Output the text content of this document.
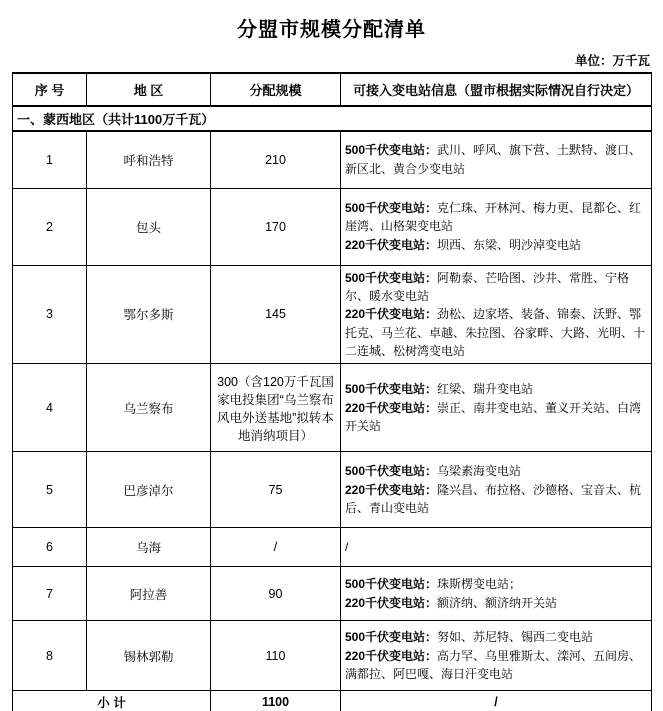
分盟市规模分配清单
单位：万千瓦
序 号	地 区	分配规模	可接入变电站信息（盟市根据实际情况自行决定）
一、蒙西地区（共计1100万千瓦）			
1	呼和浩特	210	500千伏变电站：武川、呼风、旗下营、土默特、渡口、新区北、黄合少变电站

2	包头	170	500千伏变电站：克仁珠、开林河、梅力更、昆都仑、红崖湾、山格架变电站
220千伏变电站：坝西、东梁、明沙淖变电站

3	鄂尔多斯	145	500千伏变电站：阿勒泰、芒哈图、沙井、常胜、宁格尔、暖水变电站
220千伏变电站：劲松、边家塔、装备、锦泰、沃野、鄂托克、马兰花、卓越、朱拉图、谷家畔、大路、光明、十二连城、松树湾变电站

4	乌兰察布	300（含120万千瓦国家电投集团“乌兰察布风电外送基地”拟转本地消纳项目）	500千伏变电站：红梁、瑞升变电站
220千伏变电站：崇正、南井变电站、董义开关站、白湾开关站

5	巴彦淖尔	75	500千伏变电站：乌梁素海变电站
220千伏变电站：隆兴昌、布拉格、沙德格、宝音太、杭后、青山变电站

6	乌海	/	/
7	阿拉善	90	500千伏变电站：珠斯楞变电站；
220千伏变电站：额济纳、额济纳开关站

8	锡林郭勒	110	500千伏变电站：努如、苏尼特、锡西二变电站
220千伏变电站：高力罕、乌里雅斯太、滦河、五间房、满都拉、阿巴嘎、海日汗变电站

小 计		1100	/
